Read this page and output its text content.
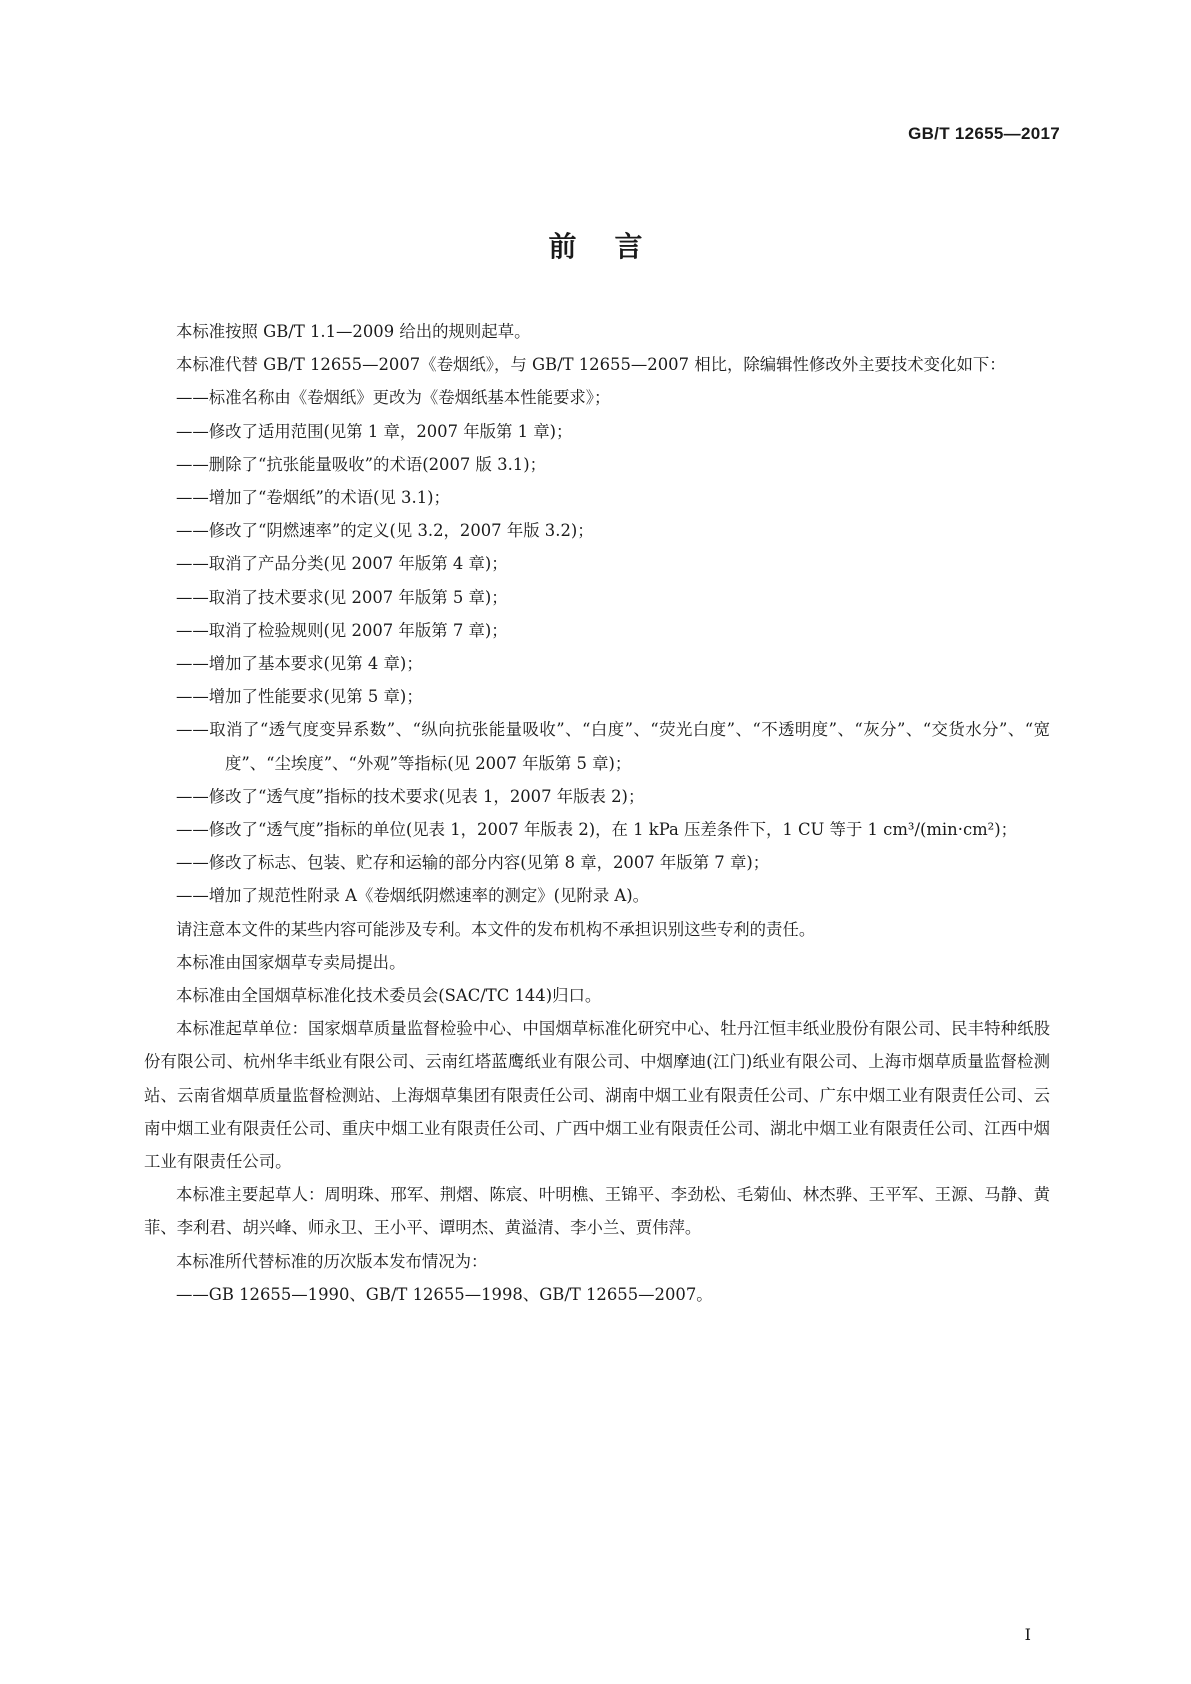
GB/T 12655—2017
前言

本标准按照 GB/T 1.1—2009 给出的规则起草。

本标准代替 GB/T 12655—2007《卷烟纸》，与 GB/T 12655—2007 相比，除编辑性修改外主要技术变化如下：

——标准名称由《卷烟纸》更改为《卷烟纸基本性能要求》；

——修改了适用范围(见第 1 章，2007 年版第 1 章)；

——删除了“抗张能量吸收”的术语(2007 版 3.1)；

——增加了“卷烟纸”的术语(见 3.1)；

——修改了“阴燃速率”的定义(见 3.2，2007 年版 3.2)；

——取消了产品分类(见 2007 年版第 4 章)；

——取消了技术要求(见 2007 年版第 5 章)；

——取消了检验规则(见 2007 年版第 7 章)；

——增加了基本要求(见第 4 章)；

——增加了性能要求(见第 5 章)；

——取消了“透气度变异系数”、“纵向抗张能量吸收”、“白度”、“荧光白度”、“不透明度”、“灰分”、“交货水分”、“宽度”、“尘埃度”、“外观”等指标(见 2007 年版第 5 章)；

——修改了“透气度”指标的技术要求(见表 1，2007 年版表 2)；

——修改了“透气度”指标的单位(见表 1，2007 年版表 2)，在 1 kPa 压差条件下，1 CU 等于 1 cm³/(min·cm²)；

——修改了标志、包装、贮存和运输的部分内容(见第 8 章，2007 年版第 7 章)；

——增加了规范性附录 A《卷烟纸阴燃速率的测定》(见附录 A)。

请注意本文件的某些内容可能涉及专利。本文件的发布机构不承担识别这些专利的责任。

本标准由国家烟草专卖局提出。

本标准由全国烟草标准化技术委员会(SAC/TC 144)归口。

本标准起草单位：国家烟草质量监督检验中心、中国烟草标准化研究中心、牡丹江恒丰纸业股份有限公司、民丰特种纸股份有限公司、杭州华丰纸业有限公司、云南红塔蓝鹰纸业有限公司、中烟摩迪(江门)纸业有限公司、上海市烟草质量监督检测站、云南省烟草质量监督检测站、上海烟草集团有限责任公司、湖南中烟工业有限责任公司、广东中烟工业有限责任公司、云南中烟工业有限责任公司、重庆中烟工业有限责任公司、广西中烟工业有限责任公司、湖北中烟工业有限责任公司、江西中烟工业有限责任公司。

本标准主要起草人：周明珠、邢军、荆熠、陈宸、叶明樵、王锦平、李劲松、毛菊仙、林杰骅、王平军、王源、马静、黄菲、李利君、胡兴峰、师永卫、王小平、谭明杰、黄溢清、李小兰、贾伟萍。

本标准所代替标准的历次版本发布情况为：

——GB 12655—1990、GB/T 12655—1998、GB/T 12655—2007。

I
